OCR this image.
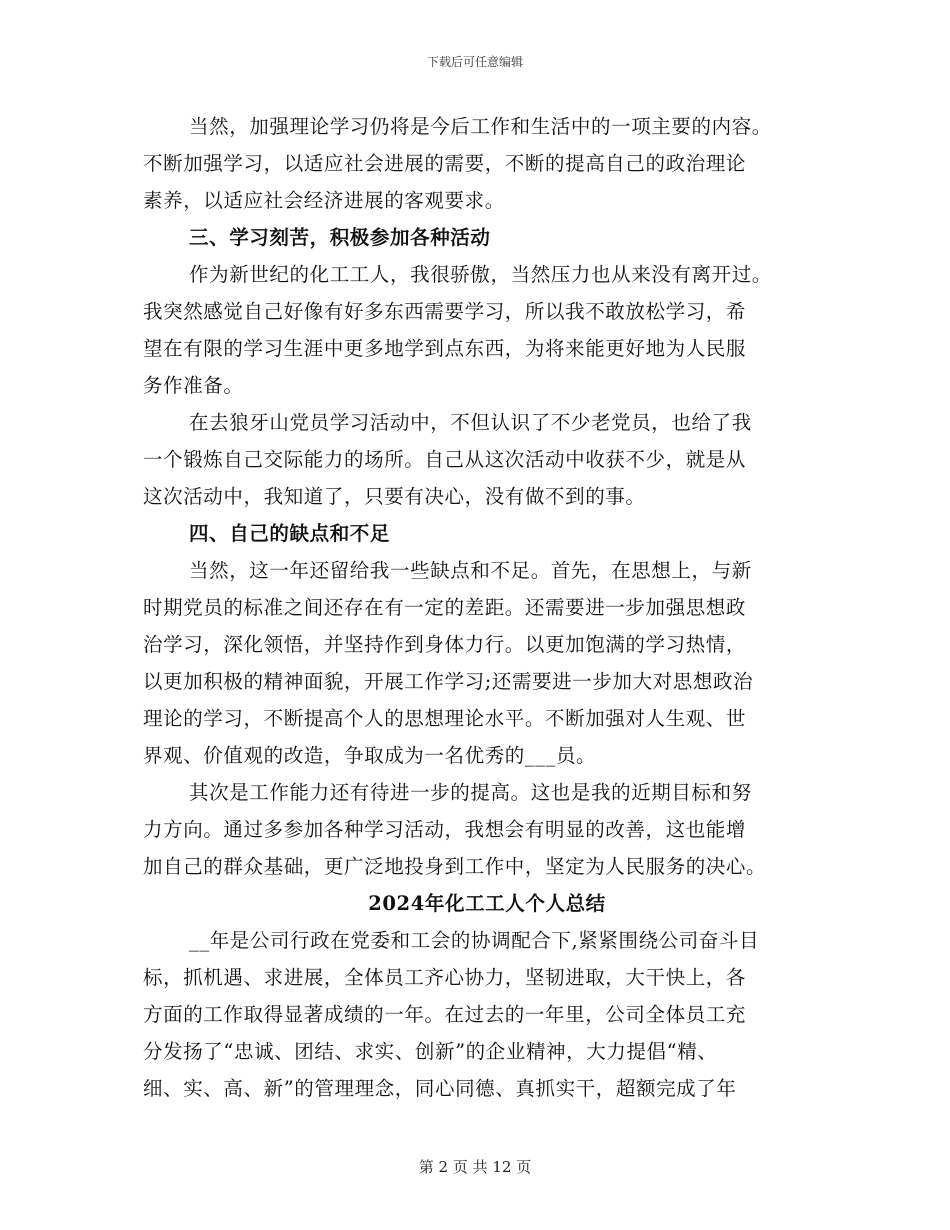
下载后可任意编辑
当然，加强理论学习仍将是今后工作和生活中的一项主要的内容。
不断加强学习，以适应社会进展的需要，不断的提高自己的政治理论
素养，以适应社会经济进展的客观要求。
三、学习刻苦，积极参加各种活动
作为新世纪的化工工人，我很骄傲，当然压力也从来没有离开过。
我突然感觉自己好像有好多东西需要学习，所以我不敢放松学习，希
望在有限的学习生涯中更多地学到点东西，为将来能更好地为人民服
务作准备。
在去狼牙山党员学习活动中，不但认识了不少老党员，也给了我
一个锻炼自己交际能力的场所。自己从这次活动中收获不少，就是从
这次活动中，我知道了，只要有决心，没有做不到的事。
四、自己的缺点和不足
当然，这一年还留给我一些缺点和不足。首先，在思想上，与新
时期党员的标准之间还存在有一定的差距。还需要进一步加强思想政
治学习，深化领悟，并坚持作到身体力行。以更加饱满的学习热情，
以更加积极的精神面貌，开展工作学习;还需要进一步加大对思想政治
理论的学习，不断提高个人的思想理论水平。不断加强对人生观、世
界观、价值观的改造，争取成为一名优秀的___员。
其次是工作能力还有待进一步的提高。这也是我的近期目标和努
力方向。通过多参加各种学习活动，我想会有明显的改善，这也能增
加自己的群众基础，更广泛地投身到工作中，坚定为人民服务的决心。
2024年化工工人个人总结
__年是公司行政在党委和工会的协调配合下,紧紧围绕公司奋斗目
标，抓机遇、求进展，全体员工齐心协力，坚韧进取，大干快上，各
方面的工作取得显著成绩的一年。在过去的一年里，公司全体员工充
分发扬了“忠诚、团结、求实、创新”的企业精神，大力提倡“精、
细、实、高、新”的管理理念，同心同德、真抓实干，超额完成了年
第 2 页 共 12 页
